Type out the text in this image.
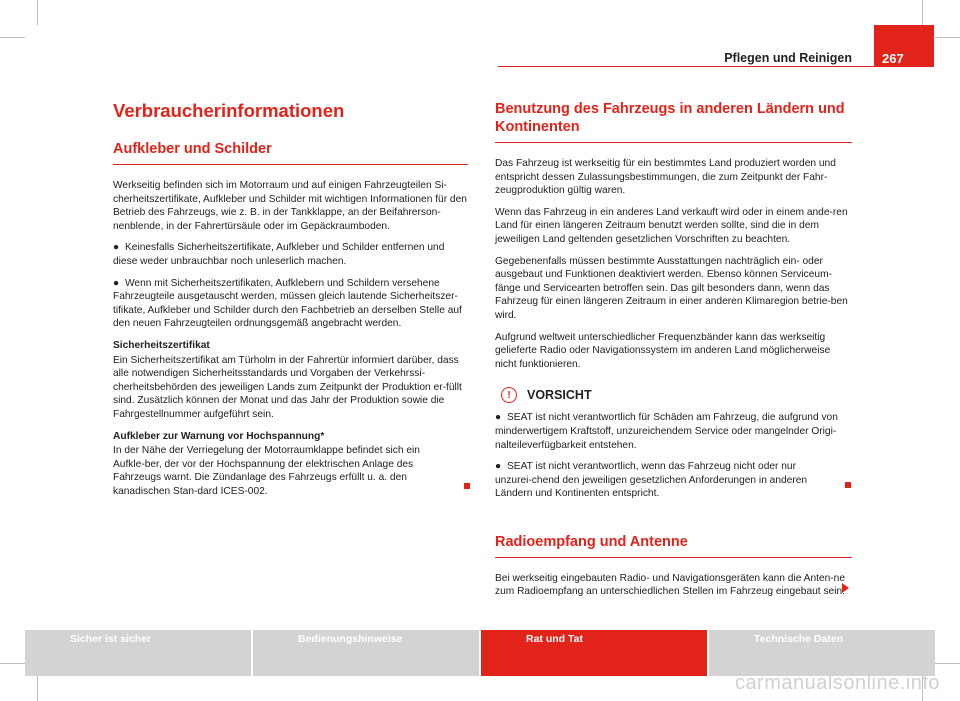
Pflegen und Reinigen	267
Verbraucherinformationen
Aufkleber und Schilder

Werkseitig befinden sich im Motorraum und auf einigen Fahrzeugteilen Si-cherheitszertifikate, Aufkleber und Schilder mit wichtigen Informationen für den Betrieb des Fahrzeugs, wie z. B. in der Tankklappe, an der Beifahrerson-nenblende, in der Fahrertürsäule oder im Gepäckraumboden.

● Keinesfalls Sicherheitszertifikate, Aufkleber und Schilder entfernen und diese weder unbrauchbar noch unleserlich machen.

● Wenn mit Sicherheitszertifikaten, Aufklebern und Schildern versehene Fahrzeugteile ausgetauscht werden, müssen gleich lautende Sicherheitszer-tifikate, Aufkleber und Schilder durch den Fachbetrieb an derselben Stelle auf den neuen Fahrzeugteilen ordnungsgemäß angebracht werden.

Sicherheitszertifikat

Ein Sicherheitszertifikat am Türholm in der Fahrertür informiert darüber, dass alle notwendigen Sicherheitsstandards und Vorgaben der Verkehrssi-cherheitsbehörden des jeweiligen Lands zum Zeitpunkt der Produktion er-füllt sind. Zusätzlich können der Monat und das Jahr der Produktion sowie die Fahrgestellnummer aufgeführt sein.

Aufkleber zur Warnung vor Hochspannung*

In der Nähe der Verriegelung der Motorraumklappe befindet sich ein Aufkle-ber, der vor der Hochspannung der elektrischen Anlage des Fahrzeugs warnt. Die Zündanlage des Fahrzeugs erfüllt u. a. den kanadischen Stan-dard ICES-002.

Benutzung des Fahrzeugs in anderen Ländern und Kontinenten

Das Fahrzeug ist werkseitig für ein bestimmtes Land produziert worden und entspricht dessen Zulassungsbestimmungen, die zum Zeitpunkt der Fahr-zeugproduktion gültig waren.

Wenn das Fahrzeug in ein anderes Land verkauft wird oder in einem ande-ren Land für einen längeren Zeitraum benutzt werden sollte, sind die in dem jeweiligen Land geltenden gesetzlichen Vorschriften zu beachten.

Gegebenenfalls müssen bestimmte Ausstattungen nachträglich ein- oder ausgebaut und Funktionen deaktiviert werden. Ebenso können Serviceum-fänge und Servicearten betroffen sein. Das gilt besonders dann, wenn das Fahrzeug für einen längeren Zeitraum in einer anderen Klimaregion betrie-ben wird.

Aufgrund weltweit unterschiedlicher Frequenzbänder kann das werkseitig gelieferte Radio oder Navigationssystem im anderen Land möglicherweise nicht funktionieren.

!	VORSICHT

● SEAT ist nicht verantwortlich für Schäden am Fahrzeug, die aufgrund von minderwertigem Kraftstoff, unzureichendem Service oder mangelnder Origi-nalteileverfügbarkeit entstehen.

● SEAT ist nicht verantwortlich, wenn das Fahrzeug nicht oder nur unzurei-chend den jeweiligen gesetzlichen Anforderungen in anderen Ländern und Kontinenten entspricht.

Radioempfang und Antenne

Bei werkseitig eingebauten Radio- und Navigationsgeräten kann die Anten-ne zum Radioempfang an unterschiedlichen Stellen im Fahrzeug eingebaut sein:

Sicher ist sicher	Bedienungshinweise	Rat und Tat	Technische Daten
carmanualsonline.info
